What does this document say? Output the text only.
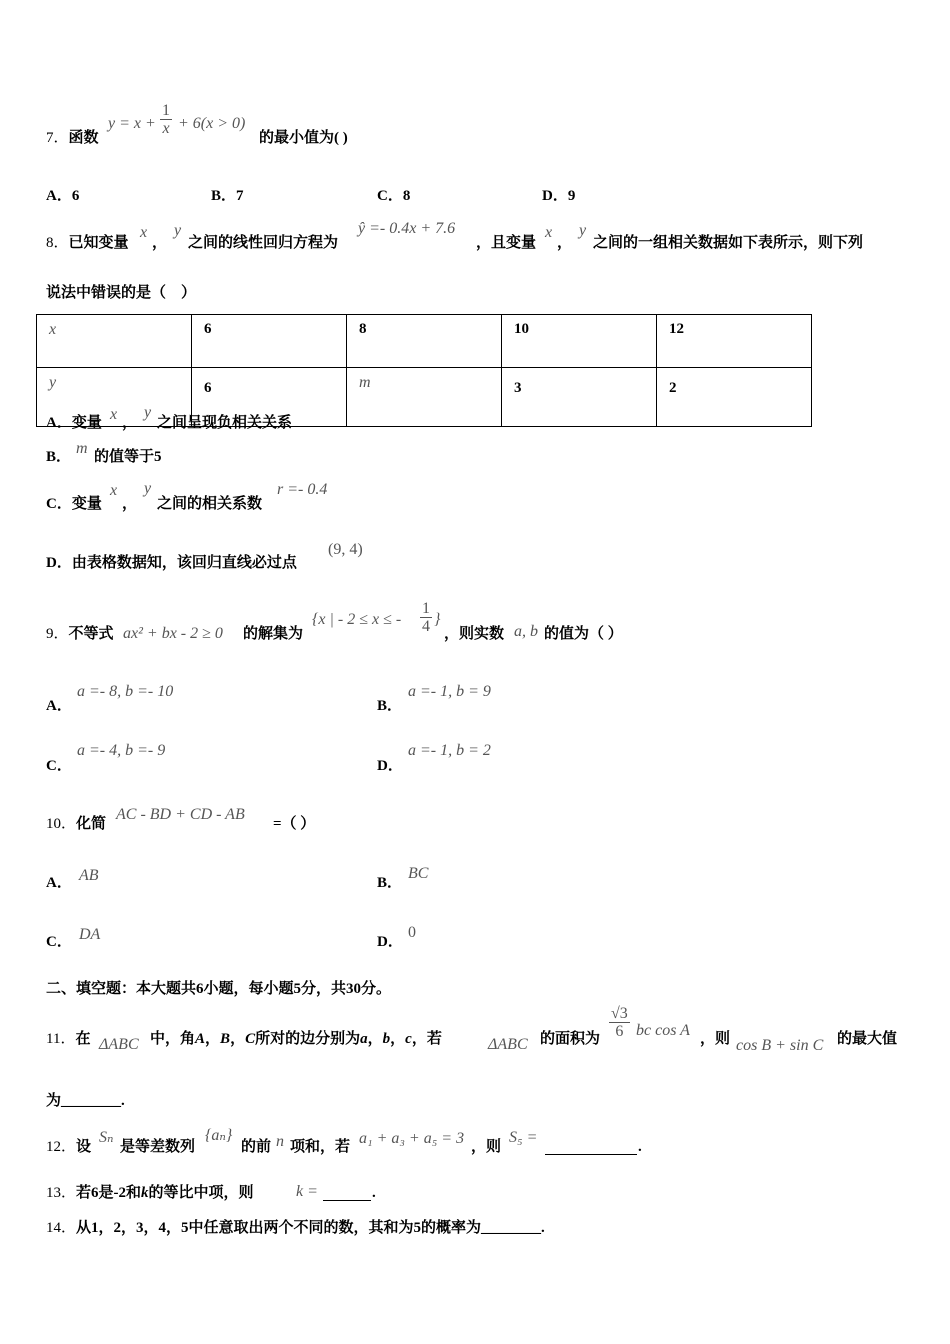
7．函数
$y = x + \frac{1}{x} + 6(x > 0)$
的最小值为( )
A．6	B．7	C．8	D．9
8．已知变量
x
，
y
之间的线性回归方程为
ŷ =- 0.4x + 7.6
，且变量
x
，
y
之间的一组相关数据如下表所示，则下列
说法中错误的是（　）
x	6	8	10	12
y	6	m	3	2
A．变量 x ，
y
之间呈现负相关关系
B． m 的值等于5
C．变量
x
，
y
之间的相关系数
r =- 0.4
D．由表格数据知，该回归直线必过点
(9, 4)
9．不等式 ax² + bx - 2 ≥ 0 的解集为
{x | - 2 ≤ x ≤ - $\frac{1}{4}$ }
，则实数 a, b 的值为（ ）
A．
a =- 8, b =- 10
B．
a =- 1, b = 9
C．
a =- 4, b =- 9
D．
a =- 1, b = 2
10．化简
AC - BD + CD - AB
=（ ）
A． AB	B．
BC
C． DA	D．
0
二、填空题：本大题共6小题，每小题5分，共30分。
11．在 ΔABC 中，角A，B，C所对的边分别为a，b，c，若	ΔABC 的面积为 $\frac{√3}{6}$ bc cos A ，则 cos B + sin C 的最大值
为________.
12．设
Sₙ
是等差数列
{aₙ}
的前 n 项和，若 a₁ + a₃ + a₅ = 3 ，则
S₅ =
.
13．若6是-2和k的等比中项，则	k =	.
14．从1，2，3，4，5中任意取出两个不同的数，其和为5的概率为________.
